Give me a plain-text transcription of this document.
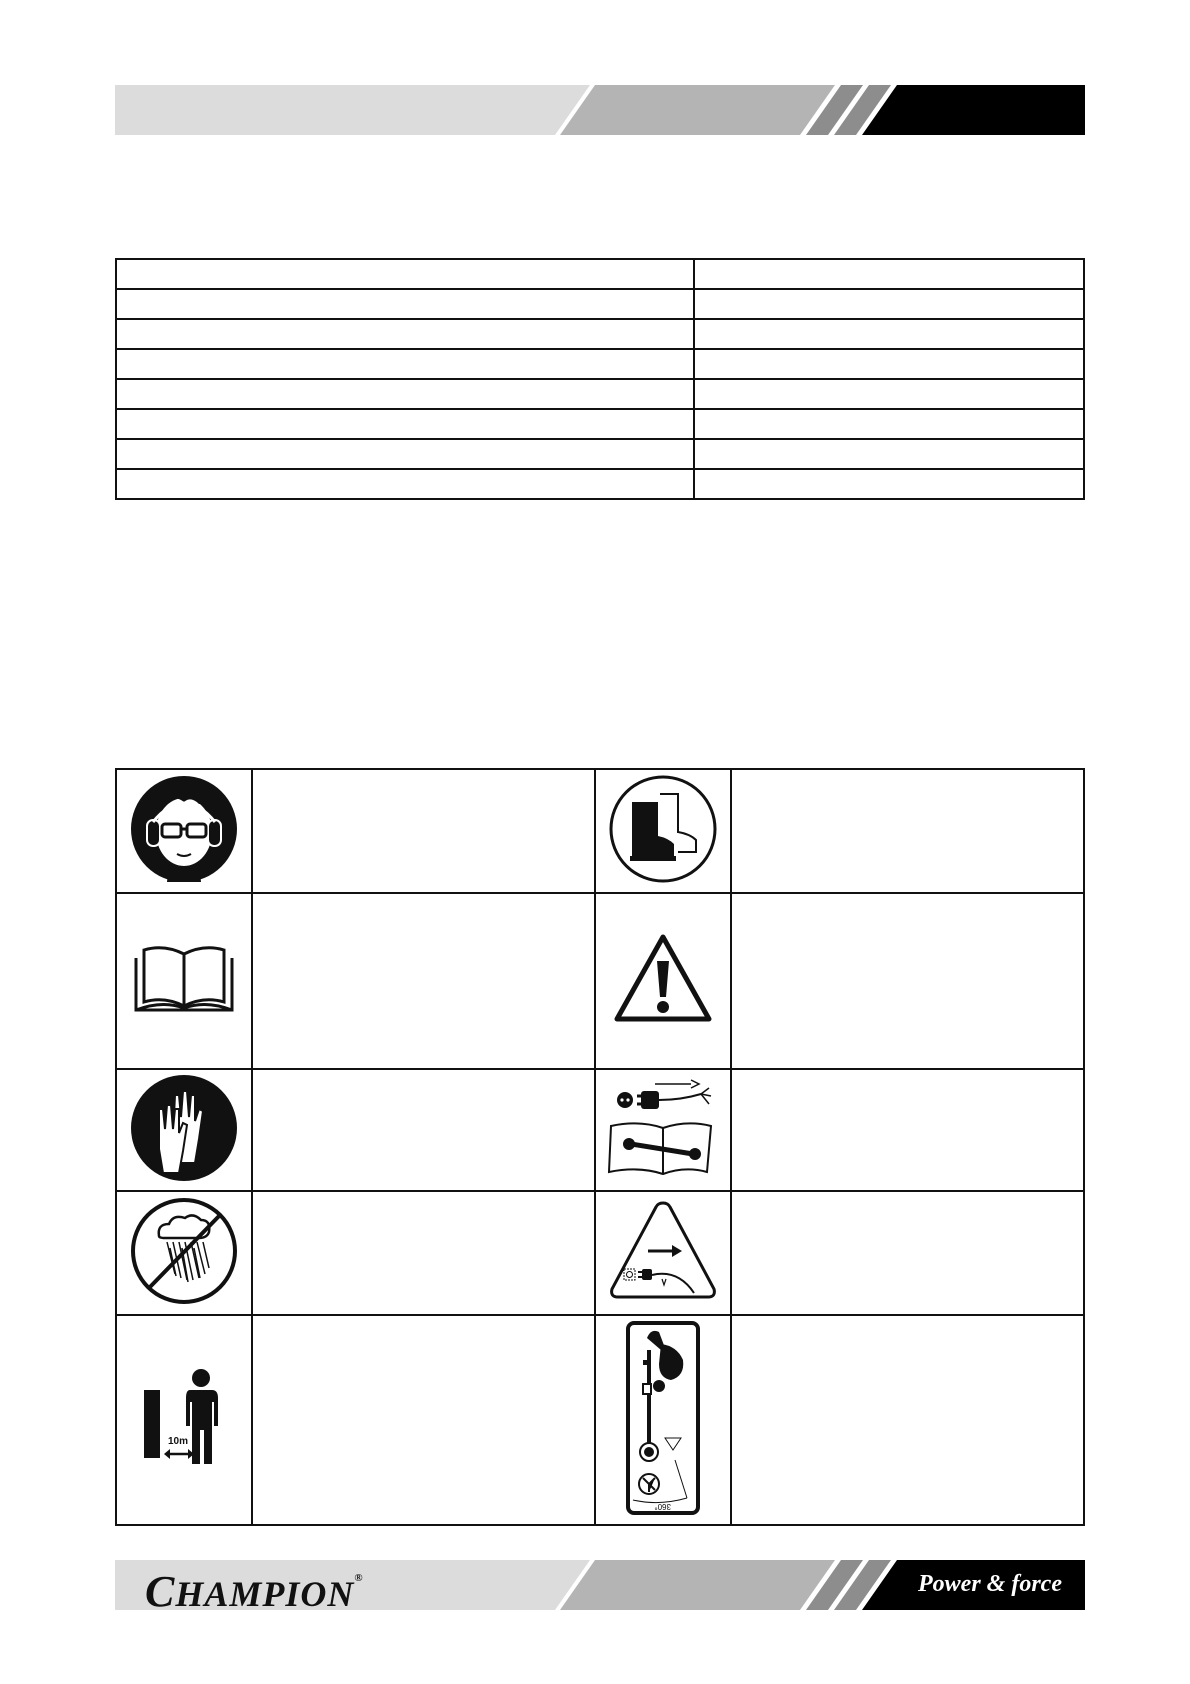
10m		360°	

CHAMPION®	Power & force
